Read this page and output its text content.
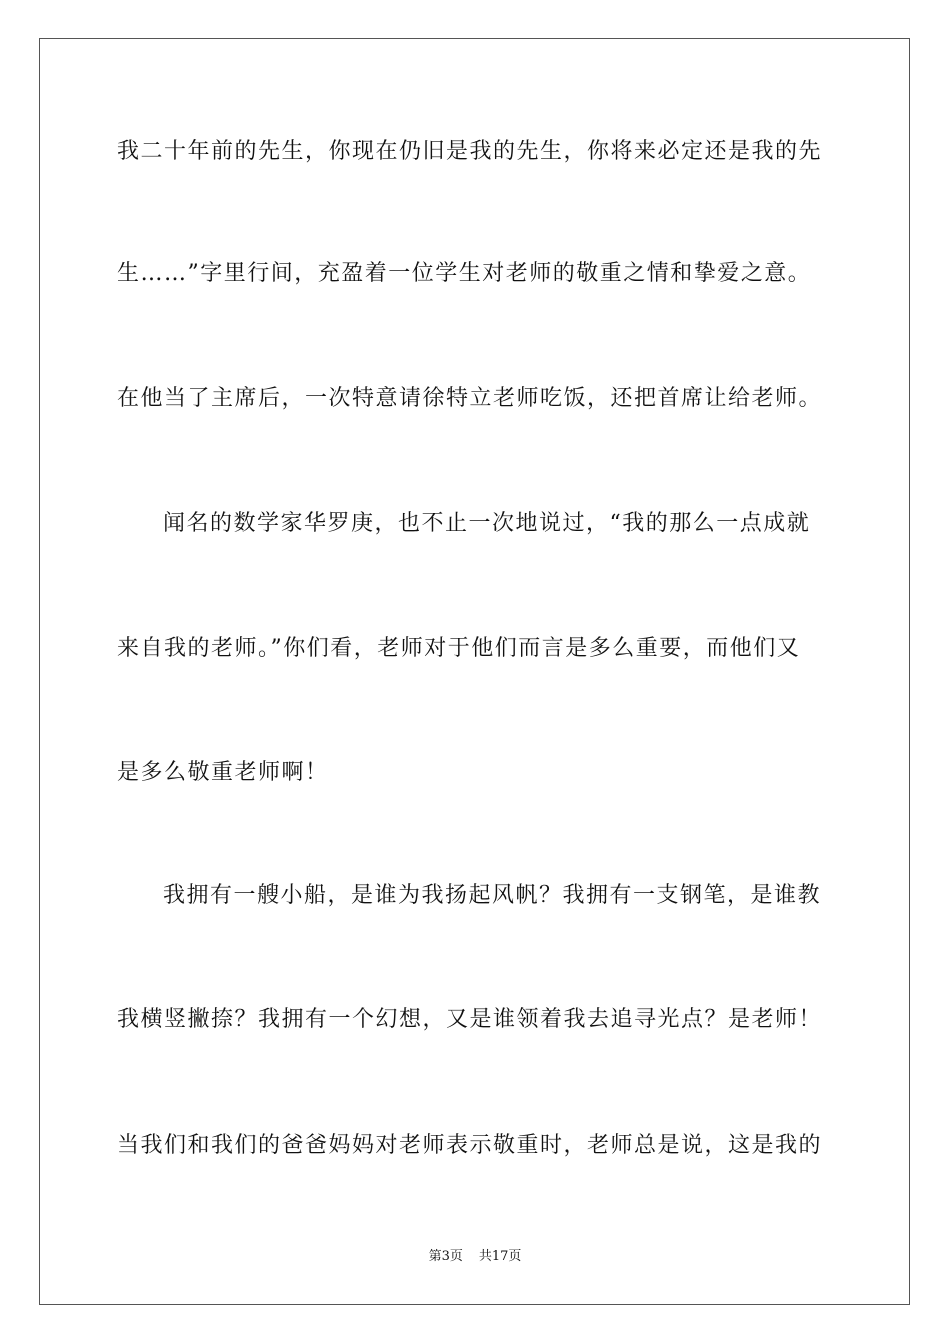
我二十年前的先生，你现在仍旧是我的先生，你将来必定还是我的先
生……”字里行间，充盈着一位学生对老师的敬重之情和挚爱之意。
在他当了主席后，一次特意请徐特立老师吃饭，还把首席让给老师。
闻名的数学家华罗庚，也不止一次地说过，“我的那么一点成就
来自我的老师。”你们看，老师对于他们而言是多么重要，而他们又
是多么敬重老师啊！
我拥有一艘小船，是谁为我扬起风帆？我拥有一支钢笔，是谁教
我横竖撇捺？我拥有一个幻想，又是谁领着我去追寻光点？是老师！
当我们和我们的爸爸妈妈对老师表示敬重时，老师总是说，这是我的
第3页 共17页
